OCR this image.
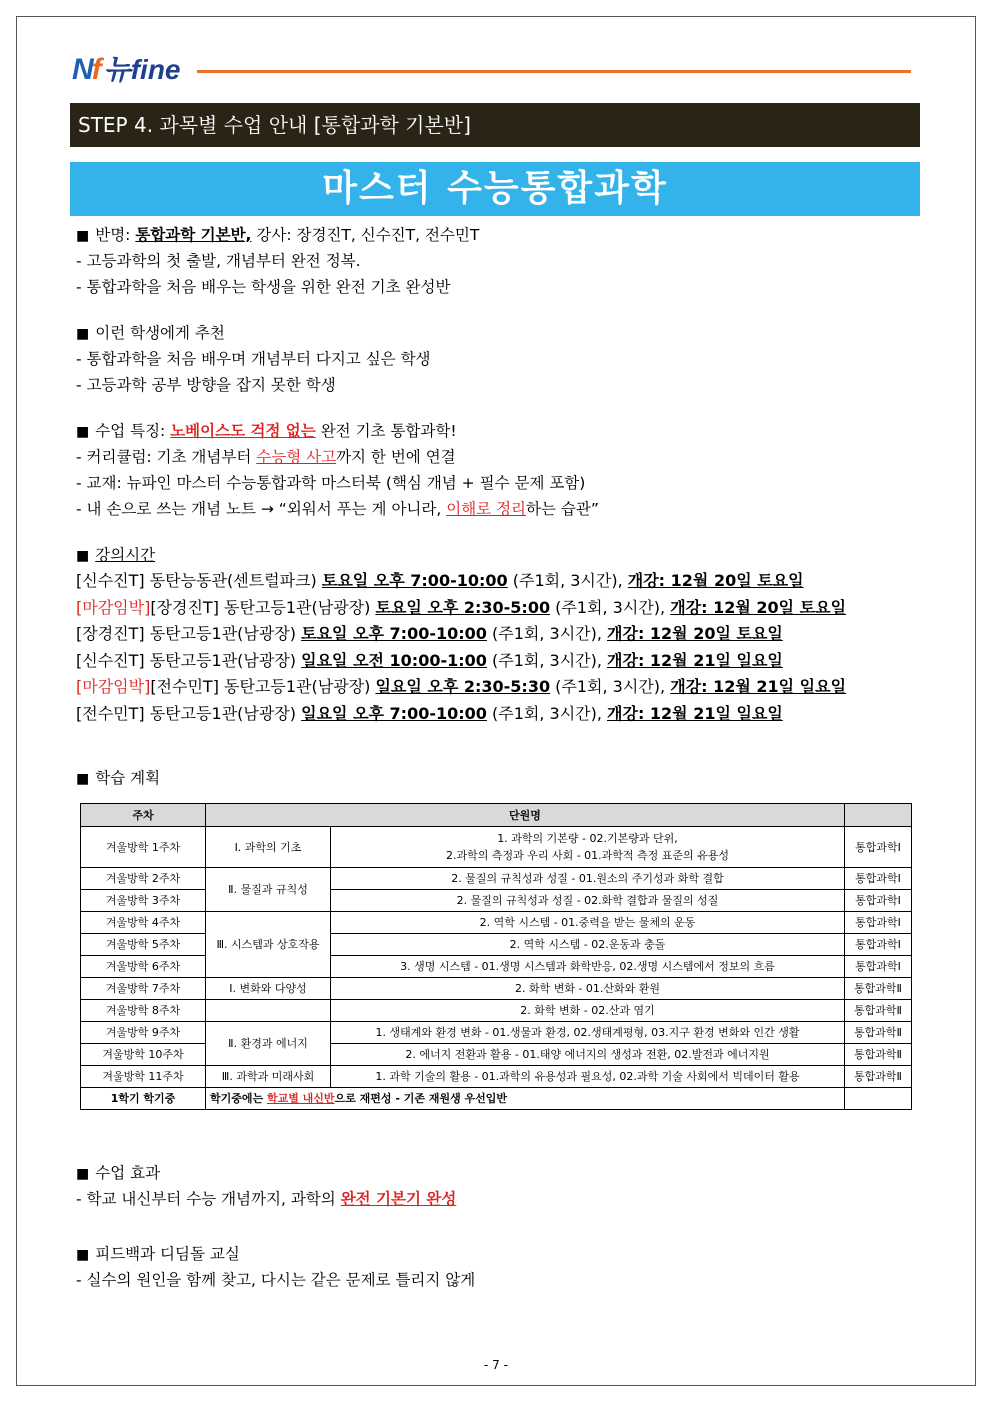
Nf 뉴fine
STEP 4. 과목별 수업 안내 [통합과학 기본반]
마스터 수능통합과학
■ 반명: 통합과학 기본반, 강사: 장경진T, 신수진T, 전수민T
- 고등과학의 첫 출발, 개념부터 완전 정복.
- 통합과학을 처음 배우는 학생을 위한 완전 기초 완성반
■ 이런 학생에게 추천
- 통합과학을 처음 배우며 개념부터 다지고 싶은 학생
- 고등과학 공부 방향을 잡지 못한 학생
■ 수업 특징: 노베이스도 걱정 없는 완전 기초 통합과학!
- 커리큘럼: 기초 개념부터 수능형 사고까지 한 번에 연결
- 교재: 뉴파인 마스터 수능통합과학 마스터북 (핵심 개념 + 필수 문제 포함)
- 내 손으로 쓰는 개념 노트 → “외워서 푸는 게 아니라, 이해로 정리하는 습관”
■ 강의시간
[신수진T] 동탄능동관(센트럴파크) 토요일 오후 7:00-10:00 (주1회, 3시간), 개강: 12월 20일 토요일
[마감임박][장경진T] 동탄고등1관(남광장) 토요일 오후 2:30-5:00 (주1회, 3시간), 개강: 12월 20일 토요일
[장경진T] 동탄고등1관(남광장) 토요일 오후 7:00-10:00 (주1회, 3시간), 개강: 12월 20일 토요일
[신수진T] 동탄고등1관(남광장) 일요일 오전 10:00-1:00 (주1회, 3시간), 개강: 12월 21일 일요일
[마감임박][전수민T] 동탄고등1관(남광장) 일요일 오후 2:30-5:30 (주1회, 3시간), 개강: 12월 21일 일요일
[전수민T] 동탄고등1관(남광장) 일요일 오후 7:00-10:00 (주1회, 3시간), 개강: 12월 21일 일요일
■ 학습 계획
주차	단원명		
겨울방학 1주차	Ⅰ. 과학의 기초	1. 과학의 기본량 - 02.기본량과 단위,
2.과학의 측정과 우리 사회 - 01.과학적 측정 표준의 유용성	통합과학Ⅰ
겨울방학 2주차	Ⅱ. 물질과 규칙성	2. 물질의 규칙성과 성질 - 01.원소의 주기성과 화학 결합	통합과학Ⅰ
겨울방학 3주차		2. 물질의 규칙성과 성질 - 02.화학 결합과 물질의 성질	통합과학Ⅰ
겨울방학 4주차	Ⅲ. 시스템과 상호작용	2. 역학 시스템 - 01.중력을 받는 물체의 운동	통합과학Ⅰ
겨울방학 5주차		2. 역학 시스템 - 02.운동과 충돌	통합과학Ⅰ
겨울방학 6주차		3. 생명 시스템 - 01.생명 시스템과 화학반응, 02.생명 시스템에서 정보의 흐름	통합과학Ⅰ
겨울방학 7주차	Ⅰ. 변화와 다양성	2. 화학 변화 - 01.산화와 환원	통합과학Ⅱ
겨울방학 8주차		2. 화학 변화 - 02.산과 염기	통합과학Ⅱ
겨울방학 9주차	Ⅱ. 환경과 에너지	1. 생태계와 환경 변화 - 01.생물과 환경, 02.생태계평형, 03.지구 환경 변화와 인간 생활	통합과학Ⅱ
겨울방학 10주차		2. 에너지 전환과 활용 - 01.태양 에너지의 생성과 전환, 02.발전과 에너지원	통합과학Ⅱ
겨울방학 11주차	Ⅲ. 과학과 미래사회	1. 과학 기술의 활용 - 01.과학의 유용성과 필요성, 02.과학 기술 사회에서 빅데이터 활용	통합과학Ⅱ
1학기 학기중	학기중에는 학교별 내신반으로 재편성 - 기존 재원생 우선입반		
■ 수업 효과
- 학교 내신부터 수능 개념까지, 과학의 완전 기본기 완성
■ 피드백과 디딤돌 교실
- 실수의 원인을 함께 찾고, 다시는 같은 문제로 틀리지 않게
- 7 -
